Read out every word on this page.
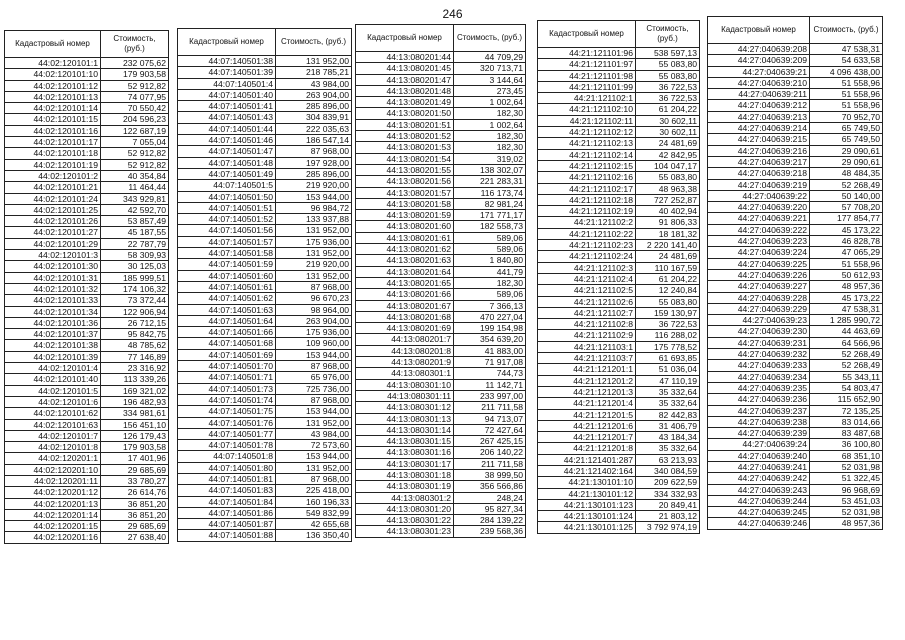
246
Кадастровый номер	Стоимость, (руб.)
44:02:120101:1	232 075,62
44:02:120101:10	179 903,58
44:02:120101:12	52 912,82
44:02:120101:13	74 077,95
44:02:120101:14	70 550,42
44:02:120101:15	204 596,23
44:02:120101:16	122 687,19
44:02:120101:17	7 055,04
44:02:120101:18	52 912,82
44:02:120101:19	52 912,82
44:02:120101:2	40 354,84
44:02:120101:21	11 464,44
44:02:120101:24	343 929,81
44:02:120101:25	42 592,70
44:02:120101:26	53 857,49
44:02:120101:27	45 187,55
44:02:120101:29	22 787,79
44:02:120101:3	58 309,93
44:02:120101:30	30 125,03
44:02:120101:31	185 999,51
44:02:120101:32	174 106,32
44:02:120101:33	73 372,44
44:02:120101:34	122 906,94
44:02:120101:36	26 712,15
44:02:120101:37	95 842,75
44:02:120101:38	48 785,62
44:02:120101:39	77 146,89
44:02:120101:4	23 316,92
44:02:120101:40	113 339,26
44:02:120101:5	169 321,02
44:02:120101:6	196 482,93
44:02:120101:62	334 981,61
44:02:120101:63	156 451,10
44:02:120101:7	126 179,43
44:02:120101:8	179 903,58
44:02:120201:1	17 401,96
44:02:120201:10	29 685,69
44:02:120201:11	33 780,27
44:02:120201:12	26 614,76
44:02:120201:13	36 851,20
44:02:120201:14	36 851,20
44:02:120201:15	29 685,69
44:02:120201:16	27 638,40
Кадастровый номер	Стоимость, (руб.)
44:07:140501:38	131 952,00
44:07:140501:39	218 785,21
44:07:140501:4	43 984,00
44:07:140501:40	263 904,00
44:07:140501:41	285 896,00
44:07:140501:43	304 839,91
44:07:140501:44	222 035,63
44:07:140501:46	186 547,14
44:07:140501:47	87 968,00
44:07:140501:48	197 928,00
44:07:140501:49	285 896,00
44:07:140501:5	219 920,00
44:07:140501:50	153 944,00
44:07:140501:51	96 984,72
44:07:140501:52	133 937,88
44:07:140501:56	131 952,00
44:07:140501:57	175 936,00
44:07:140501:58	131 952,00
44:07:140501:59	219 920,00
44:07:140501:60	131 952,00
44:07:140501:61	87 968,00
44:07:140501:62	96 670,23
44:07:140501:63	98 964,00
44:07:140501:64	263 904,00
44:07:140501:66	175 936,00
44:07:140501:68	109 960,00
44:07:140501:69	153 944,00
44:07:140501:70	87 968,00
44:07:140501:71	65 976,00
44:07:140501:73	725 736,00
44:07:140501:74	87 968,00
44:07:140501:75	153 944,00
44:07:140501:76	131 952,00
44:07:140501:77	43 984,00
44:07:140501:78	72 573,60
44:07:140501:8	153 944,00
44:07:140501:80	131 952,00
44:07:140501:81	87 968,00
44:07:140501:83	225 418,00
44:07:140501:84	160 196,33
44:07:140501:86	549 832,99
44:07:140501:87	42 655,68
44:07:140501:88	136 350,40
Кадастровый номер	Стоимость, (руб.)
44:13:080201:44	44 709,29
44:13:080201:45	320 713,71
44:13:080201:47	3 144,64
44:13:080201:48	273,45
44:13:080201:49	1 002,64
44:13:080201:50	182,30
44:13:080201:51	1 002,64
44:13:080201:52	182,30
44:13:080201:53	182,30
44:13:080201:54	319,02
44:13:080201:55	138 302,07
44:13:080201:56	221 283,31
44:13:080201:57	116 173,74
44:13:080201:58	82 981,24
44:13:080201:59	171 771,17
44:13:080201:60	182 558,73
44:13:080201:61	589,06
44:13:080201:62	589,06
44:13:080201:63	1 840,80
44:13:080201:64	441,79
44:13:080201:65	182,30
44:13:080201:66	589,06
44:13:080201:67	7 366,13
44:13:080201:68	470 227,04
44:13:080201:69	199 154,98
44:13:080201:7	354 639,20
44:13:080201:8	41 883,00
44:13:080201:9	71 917,08
44:13:080301:1	744,73
44:13:080301:10	11 142,71
44:13:080301:11	233 997,00
44:13:080301:12	211 711,58
44:13:080301:13	94 713,07
44:13:080301:14	72 427,64
44:13:080301:15	267 425,15
44:13:080301:16	206 140,22
44:13:080301:17	211 711,58
44:13:080301:18	38 999,50
44:13:080301:19	356 566,86
44:13:080301:2	248,24
44:13:080301:20	95 827,34
44:13:080301:22	284 139,22
44:13:080301:23	239 568,36
Кадастровый номер	Стоимость, (руб.)
44:21:121101:96	538 597,13
44:21:121101:97	55 083,80
44:21:121101:98	55 083,80
44:21:121101:99	36 722,53
44:21:121102:1	36 722,53
44:21:121102:10	61 204,22
44:21:121102:11	30 602,11
44:21:121102:12	30 602,11
44:21:121102:13	24 481,69
44:21:121102:14	42 842,95
44:21:121102:15	104 047,17
44:21:121102:16	55 083,80
44:21:121102:17	48 963,38
44:21:121102:18	727 252,87
44:21:121102:19	40 402,94
44:21:121102:2	91 806,33
44:21:121102:22	18 181,32
44:21:121102:23	2 220 141,40
44:21:121102:24	24 481,69
44:21:121102:3	110 167,59
44:21:121102:4	61 204,22
44:21:121102:5	12 240,84
44:21:121102:6	55 083,80
44:21:121102:7	159 130,97
44:21:121102:8	36 722,53
44:21:121102:9	116 288,02
44:21:121103:1	175 778,52
44:21:121103:7	61 693,85
44:21:121201:1	51 036,04
44:21:121201:2	47 110,19
44:21:121201:3	35 332,64
44:21:121201:4	35 332,64
44:21:121201:5	82 442,83
44:21:121201:6	31 406,79
44:21:121201:7	43 184,34
44:21:121201:8	35 332,64
44:21:121401:287	63 213,93
44:21:121402:164	340 084,59
44:21:130101:10	209 622,59
44:21:130101:12	334 332,93
44:21:130101:123	20 849,41
44:21:130101:124	21 803,12
44:21:130101:125	3 792 974,19
Кадастровый номер	Стоимость, (руб.)
44:27:040639:208	47 538,31
44:27:040639:209	54 633,58
44:27:040639:21	4 096 438,00
44:27:040639:210	51 558,96
44:27:040639:211	51 558,96
44:27:040639:212	51 558,96
44:27:040639:213	70 952,70
44:27:040639:214	65 749,50
44:27:040639:215	65 749,50
44:27:040639:216	29 090,61
44:27:040639:217	29 090,61
44:27:040639:218	48 484,35
44:27:040639:219	52 268,49
44:27:040639:22	50 140,00
44:27:040639:220	57 708,20
44:27:040639:221	177 854,77
44:27:040639:222	45 173,22
44:27:040639:223	46 828,78
44:27:040639:224	47 065,29
44:27:040639:225	51 558,96
44:27:040639:226	50 612,93
44:27:040639:227	48 957,36
44:27:040639:228	45 173,22
44:27:040639:229	47 538,31
44:27:040639:23	1 285 990,72
44:27:040639:230	44 463,69
44:27:040639:231	64 566,96
44:27:040639:232	52 268,49
44:27:040639:233	52 268,49
44:27:040639:234	55 343,11
44:27:040639:235	54 803,47
44:27:040639:236	115 652,90
44:27:040639:237	72 135,25
44:27:040639:238	83 014,66
44:27:040639:239	83 487,68
44:27:040639:24	36 100,80
44:27:040639:240	68 351,10
44:27:040639:241	52 031,98
44:27:040639:242	51 322,45
44:27:040639:243	96 968,69
44:27:040639:244	53 451,03
44:27:040639:245	52 031,98
44:27:040639:246	48 957,36
